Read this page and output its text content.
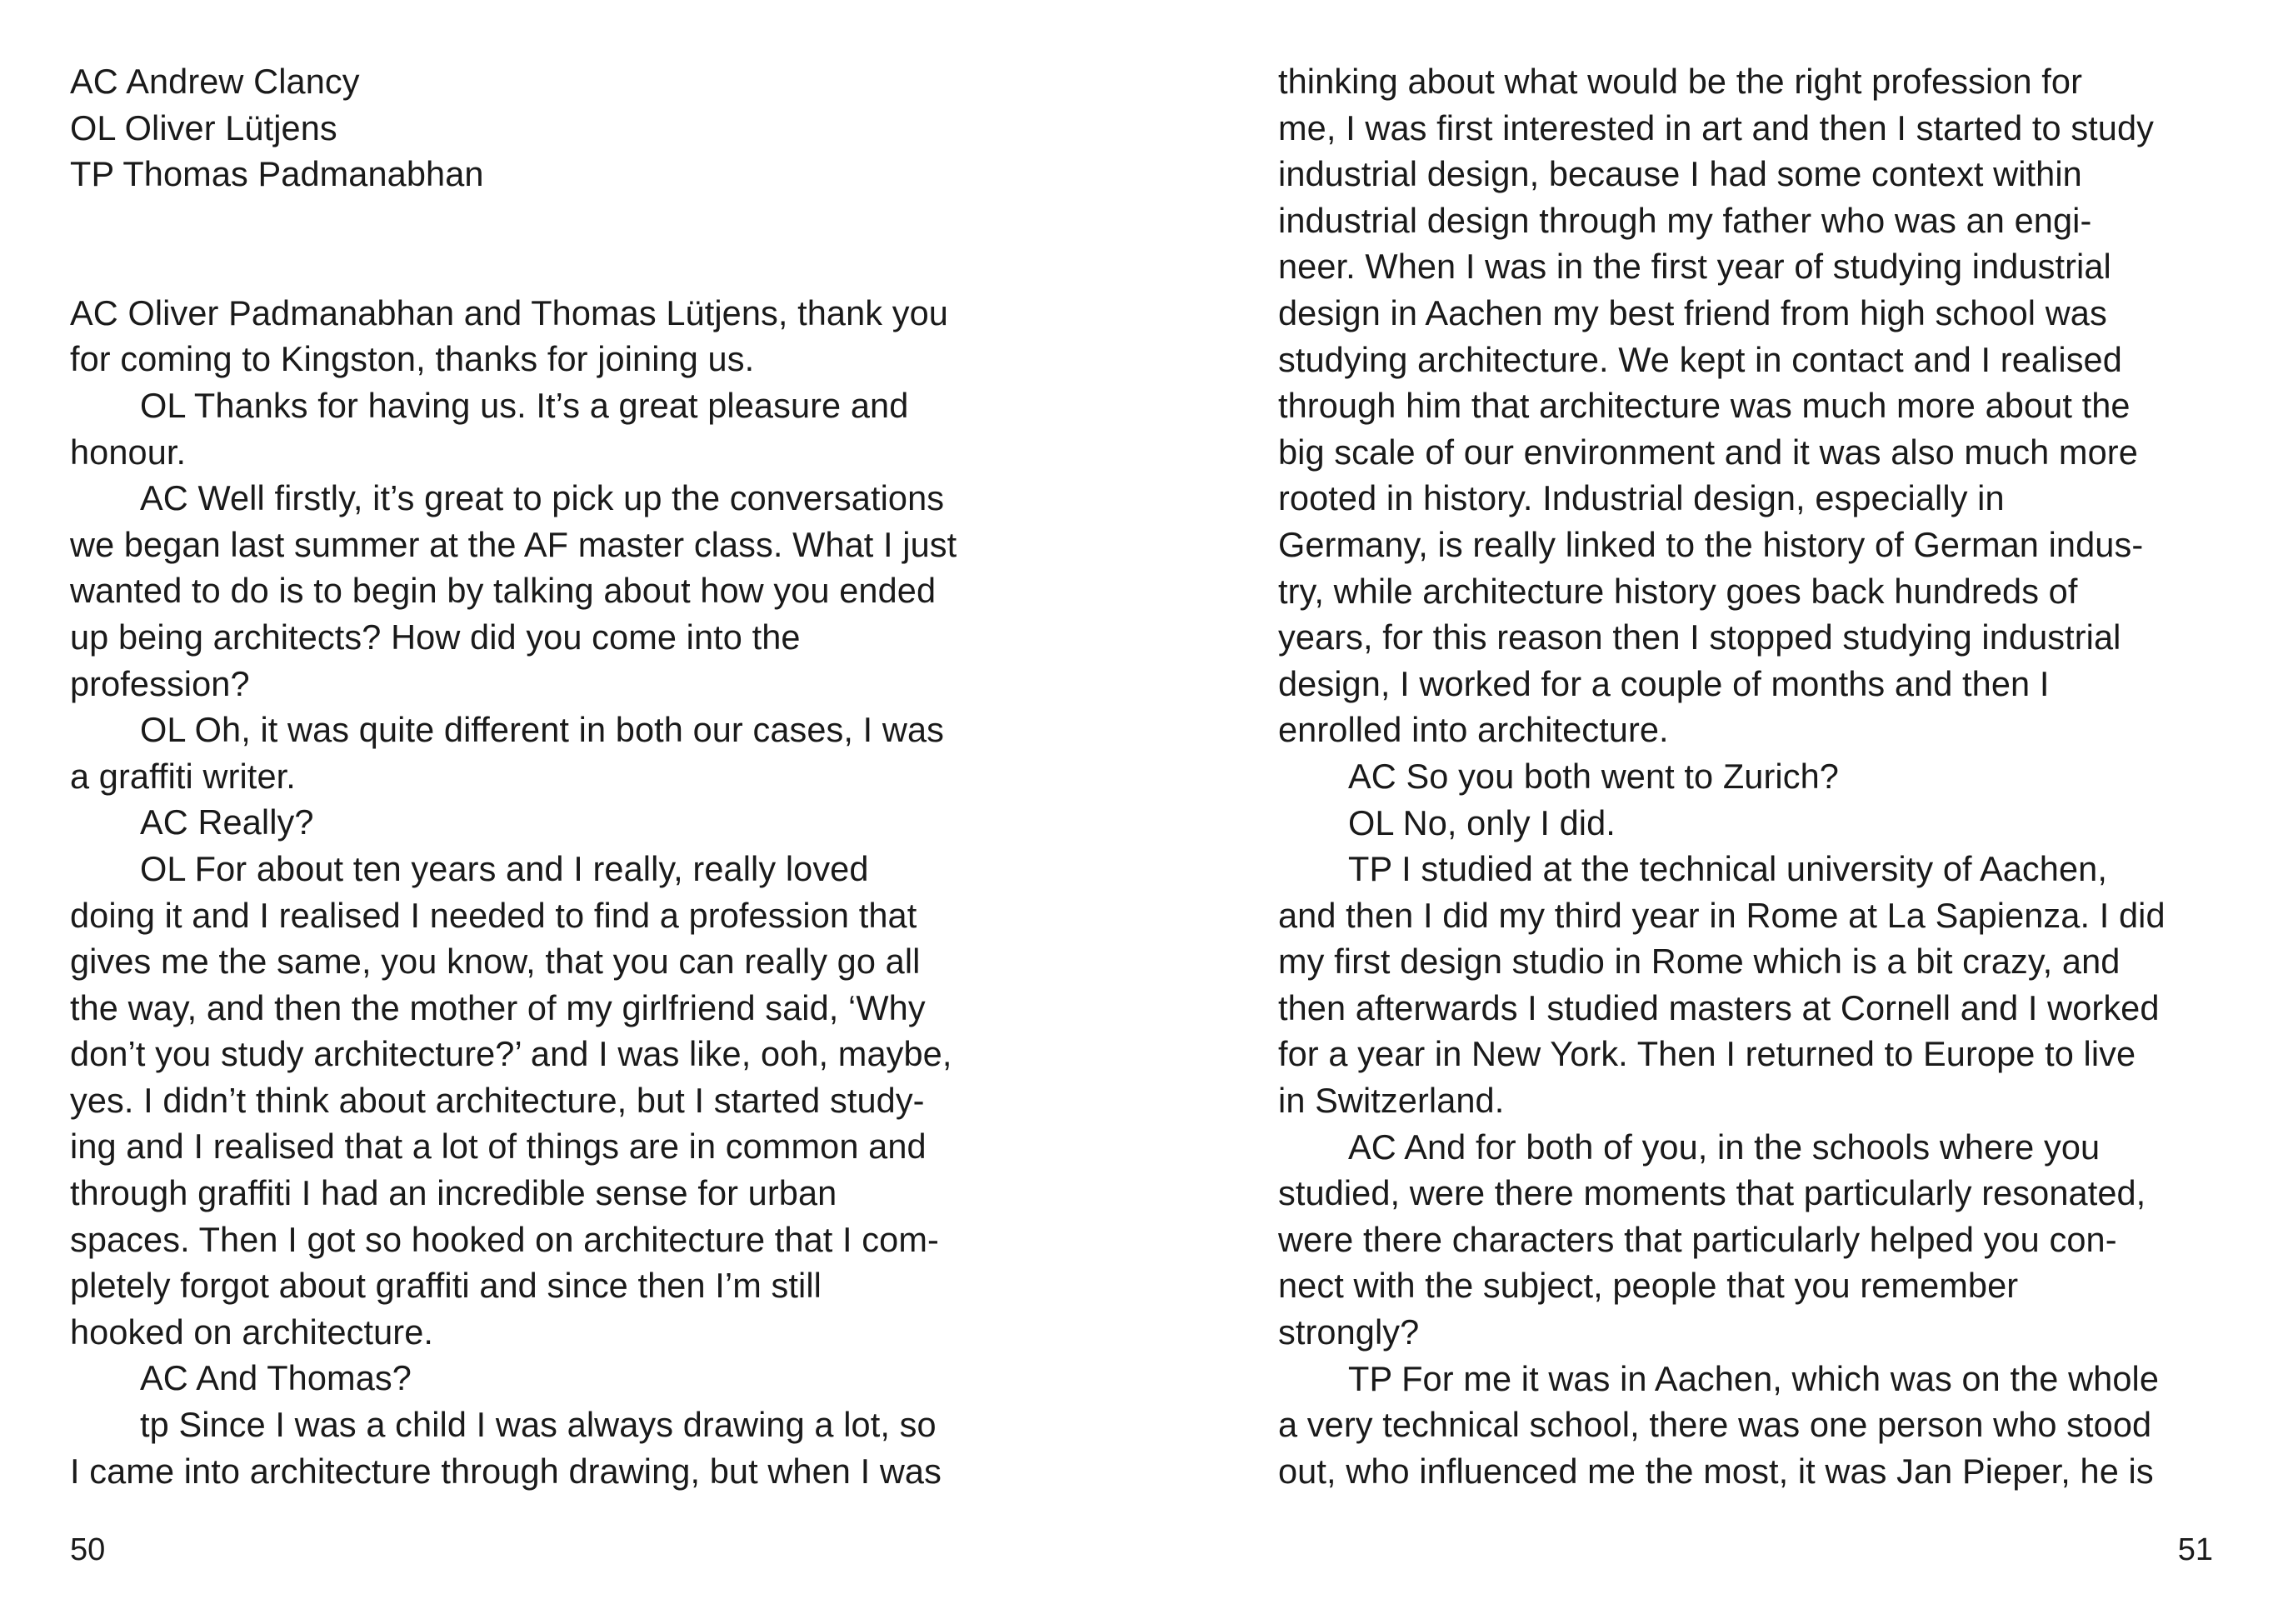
AC Andrew Clancy
OL Oliver Lütjens
TP Thomas Padmanabhan
AC Oliver Padmanabhan and Thomas Lütjens, thank you
for coming to Kingston, thanks for joining us.
OL Thanks for having us. It’s a great pleasure and
honour.
AC Well firstly, it’s great to pick up the conversations
we began last summer at the AF master class. What I just
wanted to do is to begin by talking about how you ended
up being architects? How did you come into the
profession?
OL Oh, it was quite different in both our cases, I was
a graffiti writer.
AC Really?
OL For about ten years and I really, really loved
doing it and I realised I needed to find a profession that
gives me the same, you know, that you can really go all
the way, and then the mother of my girlfriend said, ‘Why
don’t you study architecture?’ and I was like, ooh, maybe,
yes. I didn’t think about architecture, but I started study-
ing and I realised that a lot of things are in common and
through graffiti I had an incredible sense for urban
spaces. Then I got so hooked on architecture that I com-
pletely forgot about graffiti and since then I’m still
hooked on architecture.
AC And Thomas?
tp Since I was a child I was always drawing a lot, so
I came into architecture through drawing, but when I was
50
thinking about what would be the right profession for
me, I was first interested in art and then I started to study
industrial design, because I had some context within
industrial design through my father who was an engi-
neer. When I was in the first year of studying industrial
design in Aachen my best friend from high school was
studying architecture. We kept in contact and I realised
through him that architecture was much more about the
big scale of our environment and it was also much more
rooted in history. Industrial design, especially in
Germany, is really linked to the history of German indus-
try, while architecture history goes back hundreds of
years, for this reason then I stopped studying industrial
design, I worked for a couple of months and then I
enrolled into architecture.
AC So you both went to Zurich?
OL No, only I did.
TP I studied at the technical university of Aachen,
and then I did my third year in Rome at La Sapienza. I did
my first design studio in Rome which is a bit crazy, and
then afterwards I studied masters at Cornell and I worked
for a year in New York. Then I returned to Europe to live
in Switzerland.
AC And for both of you, in the schools where you
studied, were there moments that particularly resonated,
were there characters that particularly helped you con-
nect with the subject, people that you remember
strongly?
TP For me it was in Aachen, which was on the whole
a very technical school, there was one person who stood
out, who influenced me the most, it was Jan Pieper, he is
51
